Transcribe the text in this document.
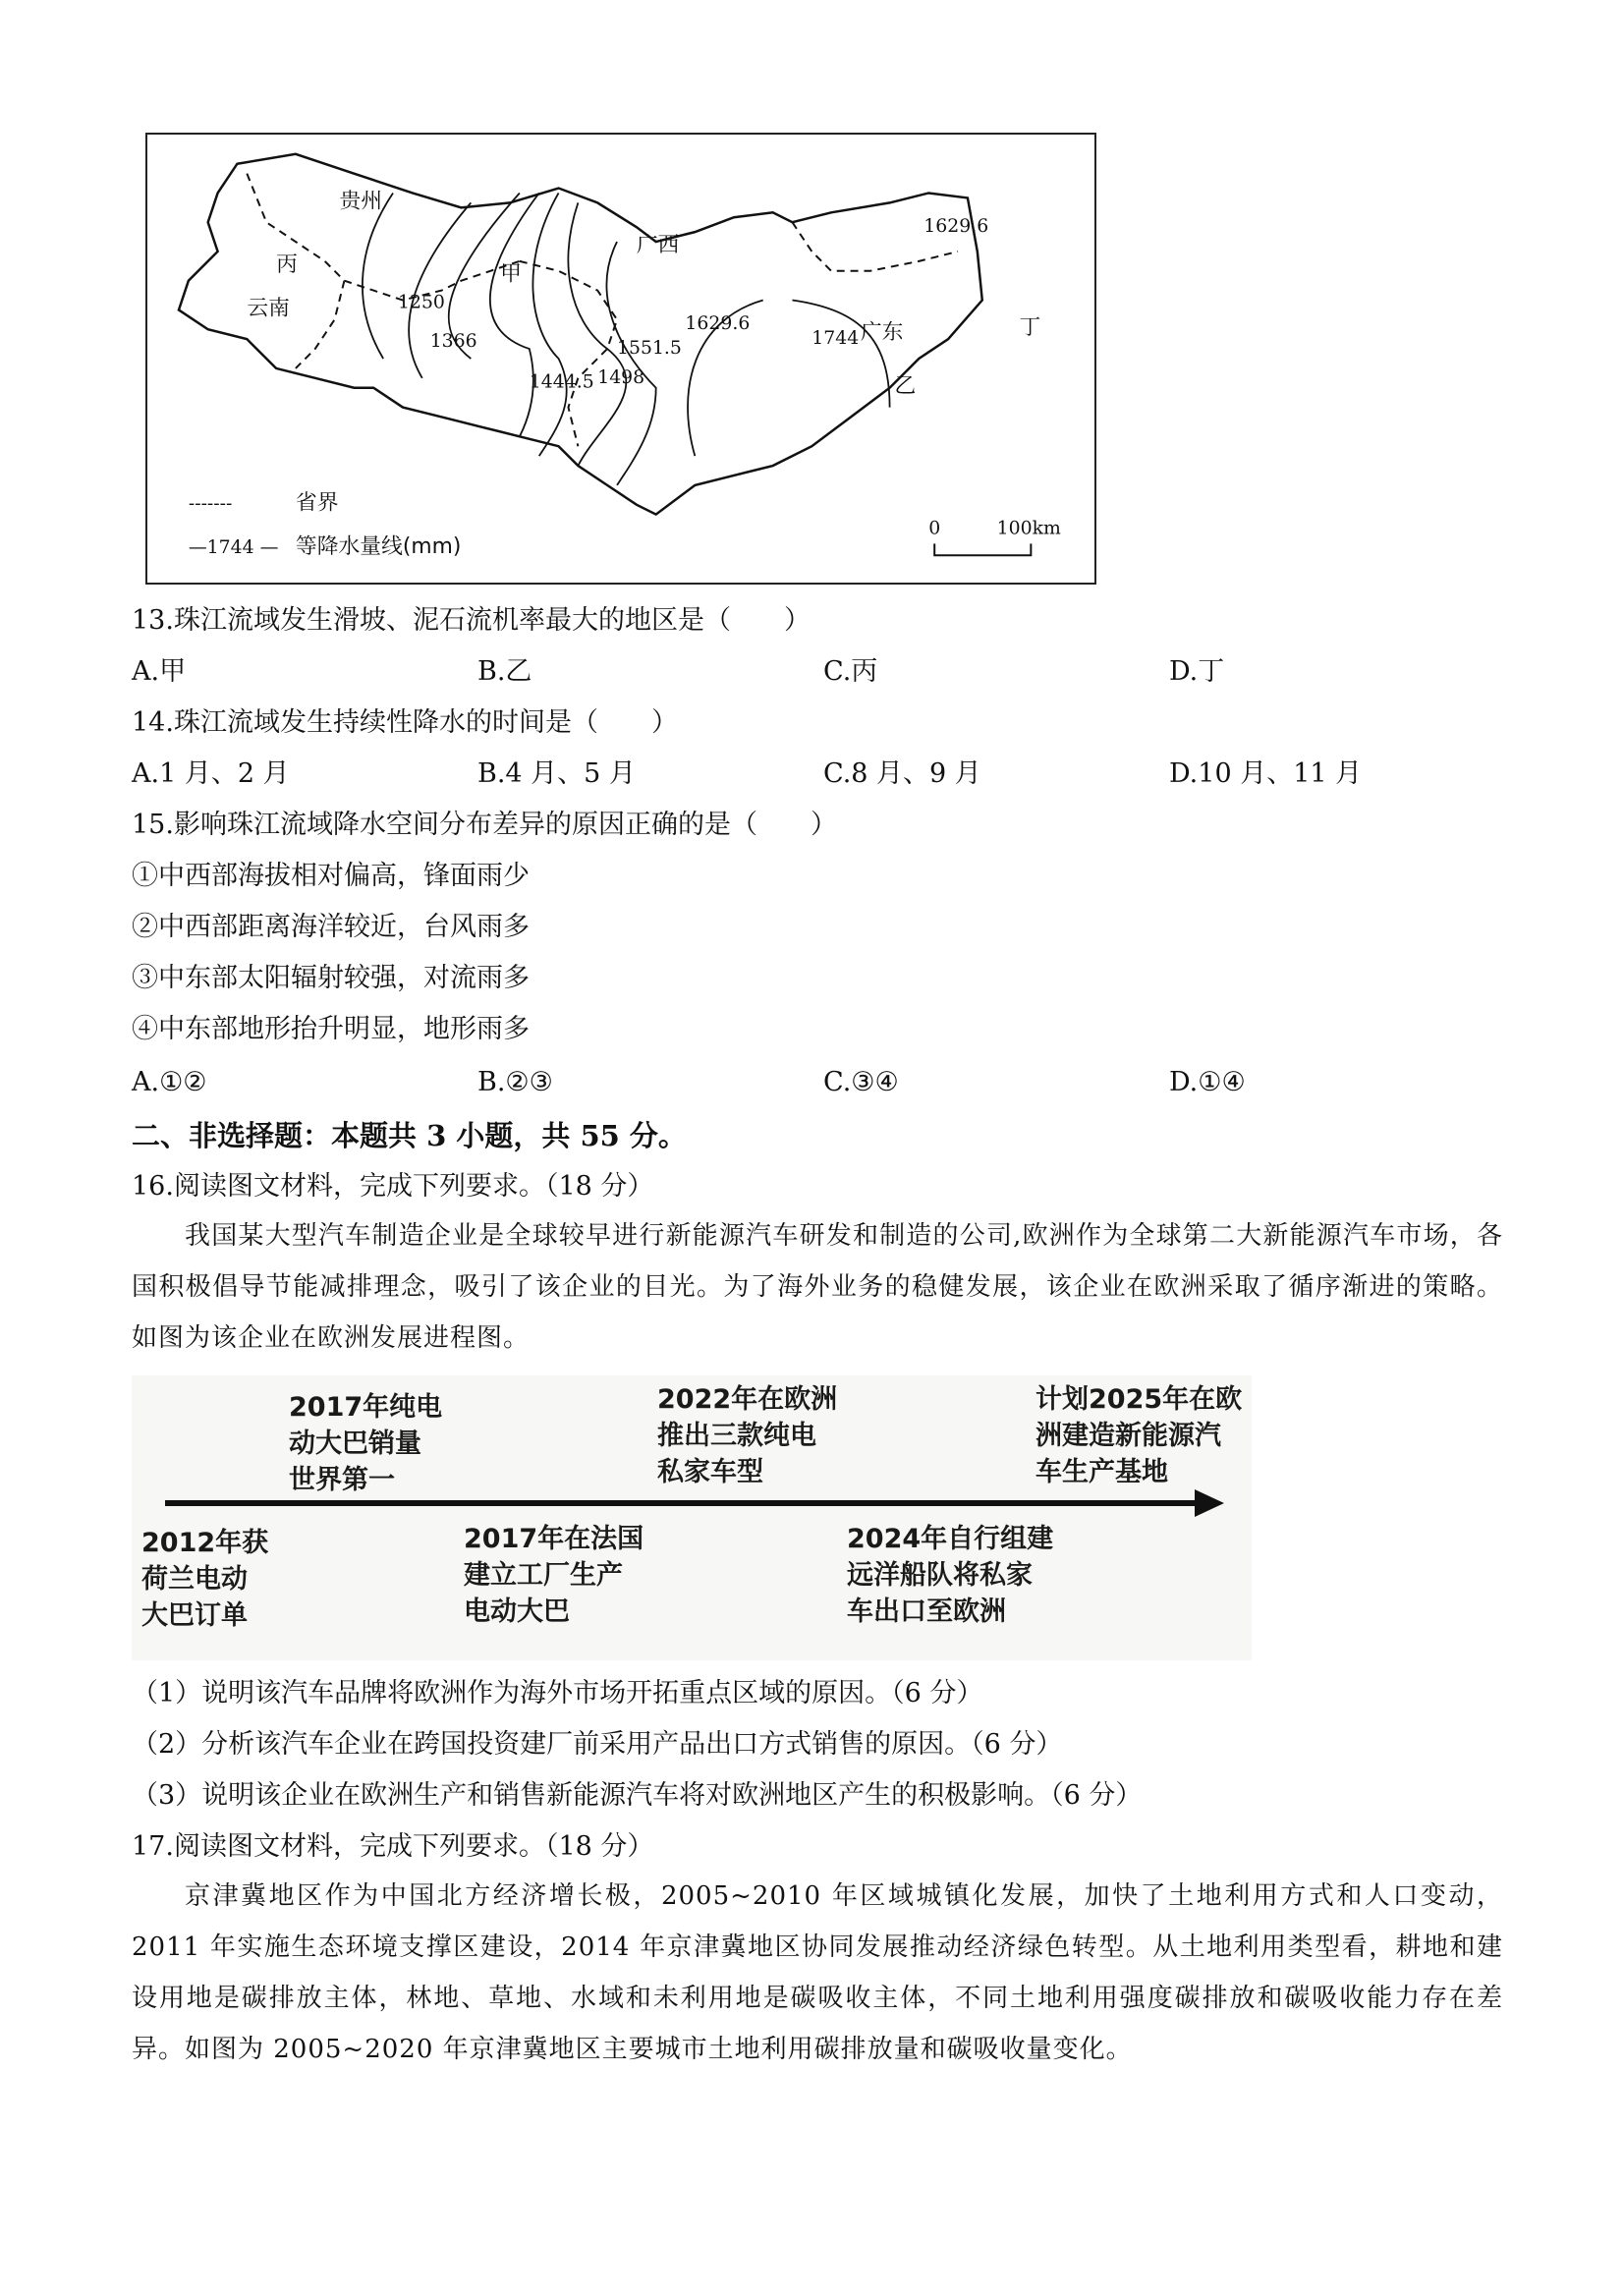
贵州
丙
云南
甲
广西
广东
乙
丁
1250
1366
1444.5 1498
1551.5
1629.6
1629.6
1744
-------	省界
—1744 — 等降水量线(mm)
0	100km
13.珠江流域发生滑坡、泥石流机率最大的地区是（　　）
A.甲	B.乙	C.丙	D.丁
14.珠江流域发生持续性降水的时间是（　　）
A.1 月、2 月	B.4 月、5 月	C.8 月、9 月	D.10 月、11 月
15.影响珠江流域降水空间分布差异的原因正确的是（　　）
①中西部海拔相对偏高，锋面雨少
②中西部距离海洋较近，台风雨多
③中东部太阳辐射较强，对流雨多
④中东部地形抬升明显，地形雨多
A.①②	B.②③	C.③④	D.①④
二、非选择题：本题共 3 小题，共 55 分。
16.阅读图文材料，完成下列要求。（18 分）
我国某大型汽车制造企业是全球较早进行新能源汽车研发和制造的公司,欧洲作为全球第二大新能源汽车市场，各国积极倡导节能减排理念，吸引了该企业的目光。为了海外业务的稳健发展，该企业在欧洲采取了循序渐进的策略。如图为该企业在欧洲发展进程图。
2017年纯电
动大巴销量
世界第一
2022年在欧洲
推出三款纯电
私家车型
计划2025年在欧
洲建造新能源汽
车生产基地
2012年获
荷兰电动
大巴订单
2017年在法国
建立工厂生产
电动大巴
2024年自行组建
远洋船队将私家
车出口至欧洲
（1）说明该汽车品牌将欧洲作为海外市场开拓重点区域的原因。（6 分）
（2）分析该汽车企业在跨国投资建厂前采用产品出口方式销售的原因。（6 分）
（3）说明该企业在欧洲生产和销售新能源汽车将对欧洲地区产生的积极影响。（6 分）
17.阅读图文材料，完成下列要求。（18 分）
京津冀地区作为中国北方经济增长极，2005~2010 年区域城镇化发展，加快了土地利用方式和人口变动，2011 年实施生态环境支撑区建设，2014 年京津冀地区协同发展推动经济绿色转型。从土地利用类型看，耕地和建设用地是碳排放主体，林地、草地、水域和未利用地是碳吸收主体，不同土地利用强度碳排放和碳吸收能力存在差异。如图为 2005~2020 年京津冀地区主要城市土地利用碳排放量和碳吸收量变化。
